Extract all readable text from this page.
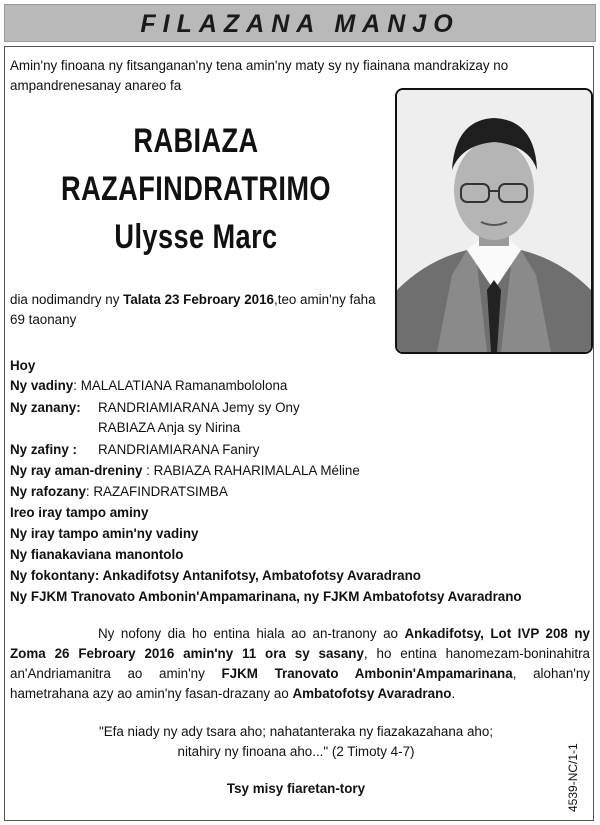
FILAZANA MANJO
Amin'ny finoana ny fitsanganan'ny tena amin'ny maty sy ny fiainana mandrakizay no ampandrenesanay anareo fa
RABIAZA
RAZAFINDRATRIMO
Ulysse Marc
dia nodimandry ny Talata 23 Febroary 2016,teo amin'ny faha 69 taonany
Hoy
Ny vadiny: MALALATIANA Ramanambololona
Ny zanany: RANDRIAMIARANA Jemy sy Ony
RABIAZA Anja sy Nirina
Ny zafiny : RANDRIAMIARANA Faniry
Ny ray aman-dreniny : RABIAZA RAHARIMALALA Méline
Ny rafozany: RAZAFINDRATSIMBA
Ireo iray tampo aminy
Ny iray tampo amin'ny vadiny
Ny fianakaviana manontolo
Ny fokontany: Ankadifotsy Antanifotsy, Ambatofotsy Avaradrano
Ny FJKM Tranovato Ambonin'Ampamarinana, ny FJKM Ambatofotsy Avaradrano
Ny nofony dia ho entina hiala ao an-tranony ao Ankadifotsy, Lot IVP 208 ny Zoma 26 Febroary 2016 amin'ny 11 ora sy sasany, ho entina hanomezam-boninahitra an'Andriamanitra ao amin'ny FJKM Tranovato Ambonin'Ampamarinana, alohan'ny hametrahana azy ao amin'ny fasan-drazany ao Ambatofotsy Avaradrano.
"Efa niady ny ady tsara aho; nahatanteraka ny fiazakazahana aho;
nitahiry ny finoana aho..." (2 Timoty 4-7)
Tsy misy fiaretan-tory	4539-NC/1-1
